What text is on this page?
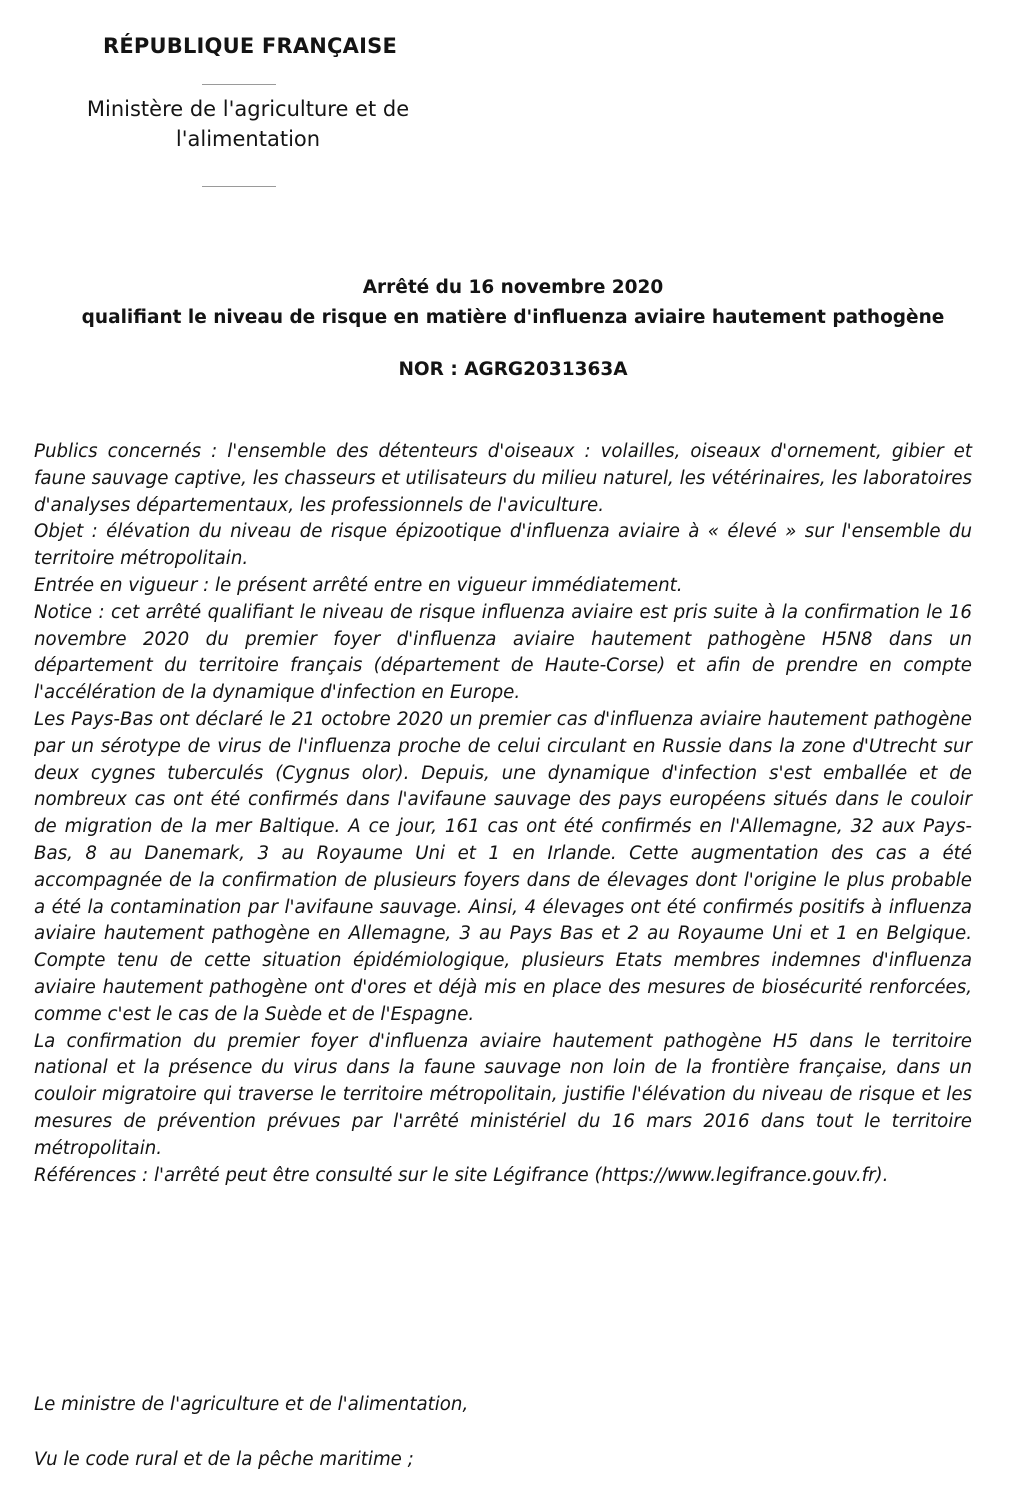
RÉPUBLIQUE FRANÇAISE
Ministère de l'agriculture et de
l'alimentation
Arrêté du 16 novembre 2020
qualifiant le niveau de risque en matière d'influenza aviaire hautement pathogène
NOR : AGRG2031363A

Publics concernés : l'ensemble des détenteurs d'oiseaux : volailles, oiseaux d'ornement, gibier et faune sauvage captive, les chasseurs et utilisateurs du milieu naturel, les vétérinaires, les laboratoires d'analyses départementaux, les professionnels de l'aviculture.

Objet : élévation du niveau de risque épizootique d'influenza aviaire à « élevé » sur l'ensemble du territoire métropolitain.

Entrée en vigueur : le présent arrêté entre en vigueur immédiatement.

Notice : cet arrêté qualifiant le niveau de risque influenza aviaire est pris suite à la confirmation le 16 novembre 2020 du premier foyer d'influenza aviaire hautement pathogène H5N8 dans un département du territoire français (département de Haute-Corse) et afin de prendre en compte l'accélération de la dynamique d'infection en Europe.

Les Pays-Bas ont déclaré le 21 octobre 2020 un premier cas d'influenza aviaire hautement pathogène par un sérotype de virus de l'influenza proche de celui circulant en Russie dans la zone d'Utrecht sur deux cygnes tuberculés (Cygnus olor). Depuis, une dynamique d'infection s'est emballée et de nombreux cas ont été confirmés dans l'avifaune sauvage des pays européens situés dans le couloir de migration de la mer Baltique. A ce jour, 161 cas ont été confirmés en l'Allemagne, 32 aux Pays-Bas, 8 au Danemark, 3 au Royaume Uni et 1 en Irlande. Cette augmentation des cas a été accompagnée de la confirmation de plusieurs foyers dans de élevages dont l'origine le plus probable a été la contamination par l'avifaune sauvage. Ainsi, 4 élevages ont été confirmés positifs à influenza aviaire hautement pathogène en Allemagne, 3 au Pays Bas et 2 au Royaume Uni et 1 en Belgique. Compte tenu de cette situation épidémiologique, plusieurs Etats membres indemnes d'influenza aviaire hautement pathogène ont d'ores et déjà mis en place des mesures de biosécurité renforcées, comme c'est le cas de la Suède et de l'Espagne.

La confirmation du premier foyer d'influenza aviaire hautement pathogène H5 dans le territoire national et la présence du virus dans la faune sauvage non loin de la frontière française, dans un couloir migratoire qui traverse le territoire métropolitain, justifie l'élévation du niveau de risque et les mesures de prévention prévues par l'arrêté ministériel du 16 mars 2016 dans tout le territoire métropolitain.

Références : l'arrêté peut être consulté sur le site Légifrance (https://www.legifrance.gouv.fr).

Le ministre de l'agriculture et de l'alimentation,
Vu le code rural et de la pêche maritime ;
